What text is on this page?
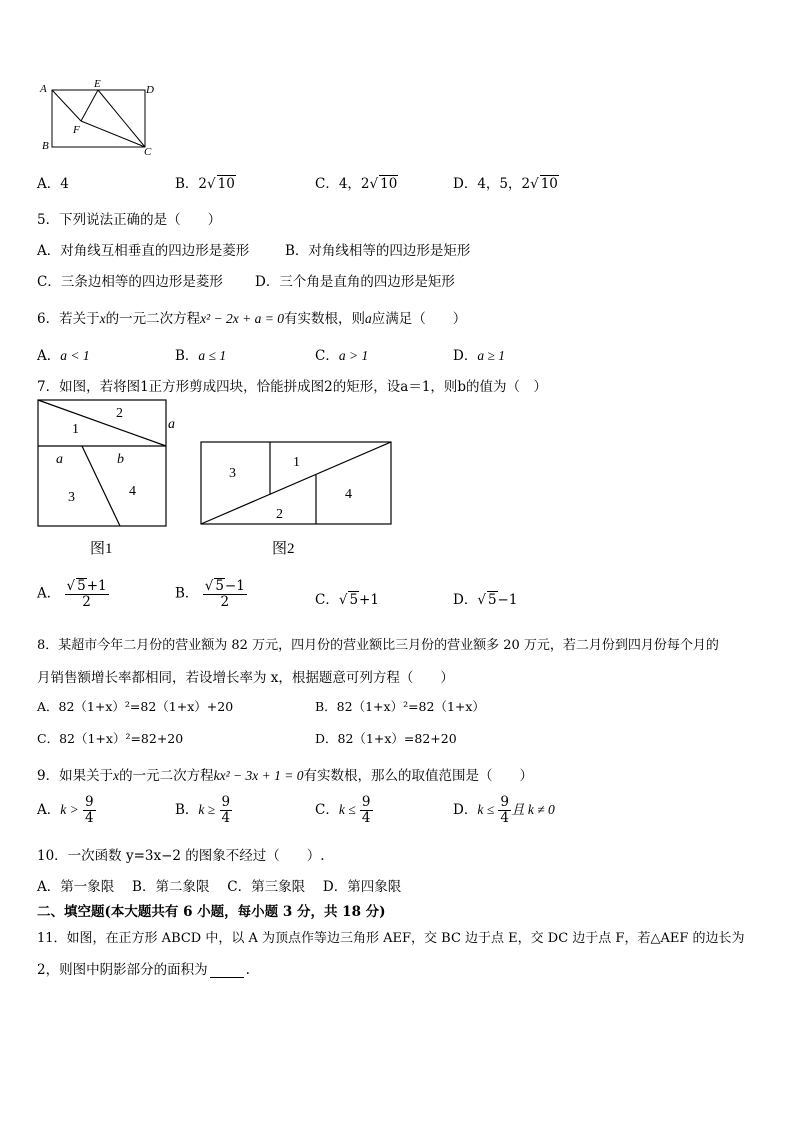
A
B	C
D
E
F
A．4	B．2√ 10	C．4，2√ 10	D．4，5，2√ 10
5．下列说法正确的是（　　）
A．对角线互相垂直的四边形是菱形	B．对角线相等的四边形是矩形
C．三条边相等的四边形是菱形 D．三个角是直角的四边形是矩形
6．若关于x的一元二次方程x² − 2x + a = 0有实数根，则a应满足（　　）
A．a < 1	B．a ≤ 1	C．a > 1	D．a ≥ 1
7．如图，若将图1正方形剪成四块，恰能拼成图2的矩形，设a＝1，则b的值为（　）
2
1	a
a	b
3	4
图1
3
1
4
2
图2
A． $\frac{√ 5+1}{2}$	B． $\frac{√ 5-1}{2}$	C．√ 5+1	D．√ 5−1
8．某超市今年二月份的营业额为 82 万元，四月份的营业额比三月份的营业额多 20 万元，若二月份到四月份每个月的
月销售额增长率都相同，若设增长率为 x，根据题意可列方程（　　）
A．82（1+x）²=82（1+x）+20	B．82（1+x）²=82（1+x）
C．82（1+x）²=82+20	D．82（1+x）=82+20
9．如果关于x的一元二次方程kx² − 3x + 1 = 0有实数根，那么的取值范围是（　　）
A．$k > \frac{9}{4}$	B．$k \ge \frac{9}{4}$	C．$k \le \frac{9}{4}$	D．$k \le \frac{9}{4}$ 且 k ≠ 0
10．一次函数 y=3x−2 的图象不经过（　　）.
A．第一象限　 B．第二象限　 C．第三象限　 D．第四象限
二、填空题(本大题共有 6 小题，每小题 3 分，共 18 分)
11．如图，在正方形 ABCD 中，以 A 为顶点作等边三角形 AEF，交 BC 边于点 E，交 DC 边于点 F，若△AEF 的边长为
2，则图中阴影部分的面积为	.
